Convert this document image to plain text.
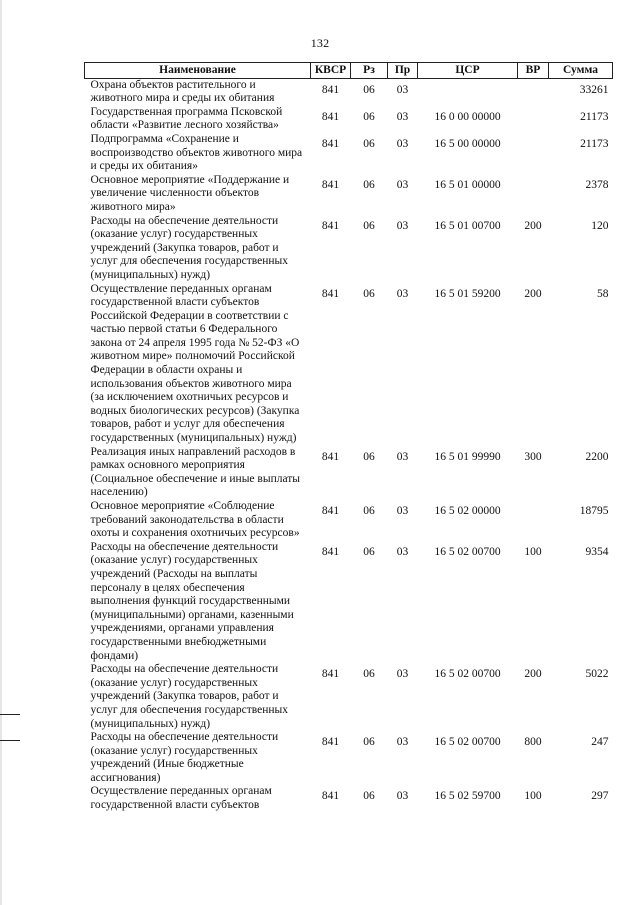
132
Наименование	КВСР	Рз	Пр	ЦСР	ВР	Сумма
Охрана объектов растительного и животного мира и среды их обитания	841	06	03			33261
Государственная программа Псковской области «Развитие лесного хозяйства»	841	06	03	16 0 00 00000		21173
Подпрограмма «Сохранение и воспроизводство объектов животного мира и среды их обитания»	841	06	03	16 5 00 00000		21173
Основное мероприятие «Поддержание и увеличение численности объектов животного мира»	841	06	03	16 5 01 00000		2378
Расходы на обеспечение деятельности (оказание услуг) государственных учреждений (Закупка товаров, работ и услуг для обеспечения государственных (муниципальных) нужд)	841	06	03	16 5 01 00700	200	120
Осуществление переданных органам государственной власти субъектов Российской Федерации в соответствии с частью первой статьи 6 Федерального закона от 24 апреля 1995 года № 52-ФЗ «О животном мире» полномочий Российской Федерации в области охраны и использования объектов животного мира (за исключением охотничьих ресурсов и водных биологических ресурсов) (Закупка товаров, работ и услуг для обеспечения государственных (муниципальных) нужд)	841	06	03	16 5 01 59200	200	58
Реализация иных направлений расходов в рамках основного мероприятия (Социальное обеспечение и иные выплаты населению)	841	06	03	16 5 01 99990	300	2200
Основное мероприятие «Соблюдение требований законодательства в области охоты и сохранения охотничьих ресурсов»	841	06	03	16 5 02 00000		18795
Расходы на обеспечение деятельности (оказание услуг) государственных учреждений (Расходы на выплаты персоналу в целях обеспечения выполнения функций государственными (муниципальными) органами, казенными учреждениями, органами управления государственными внебюджетными фондами)	841	06	03	16 5 02 00700	100	9354
Расходы на обеспечение деятельности (оказание услуг) государственных учреждений (Закупка товаров, работ и услуг для обеспечения государственных (муниципальных) нужд)	841	06	03	16 5 02 00700	200	5022
Расходы на обеспечение деятельности (оказание услуг) государственных учреждений (Иные бюджетные ассигнования)	841	06	03	16 5 02 00700	800	247
Осуществление переданных органам государственной власти субъектов	841	06	03	16 5 02 59700	100	297
